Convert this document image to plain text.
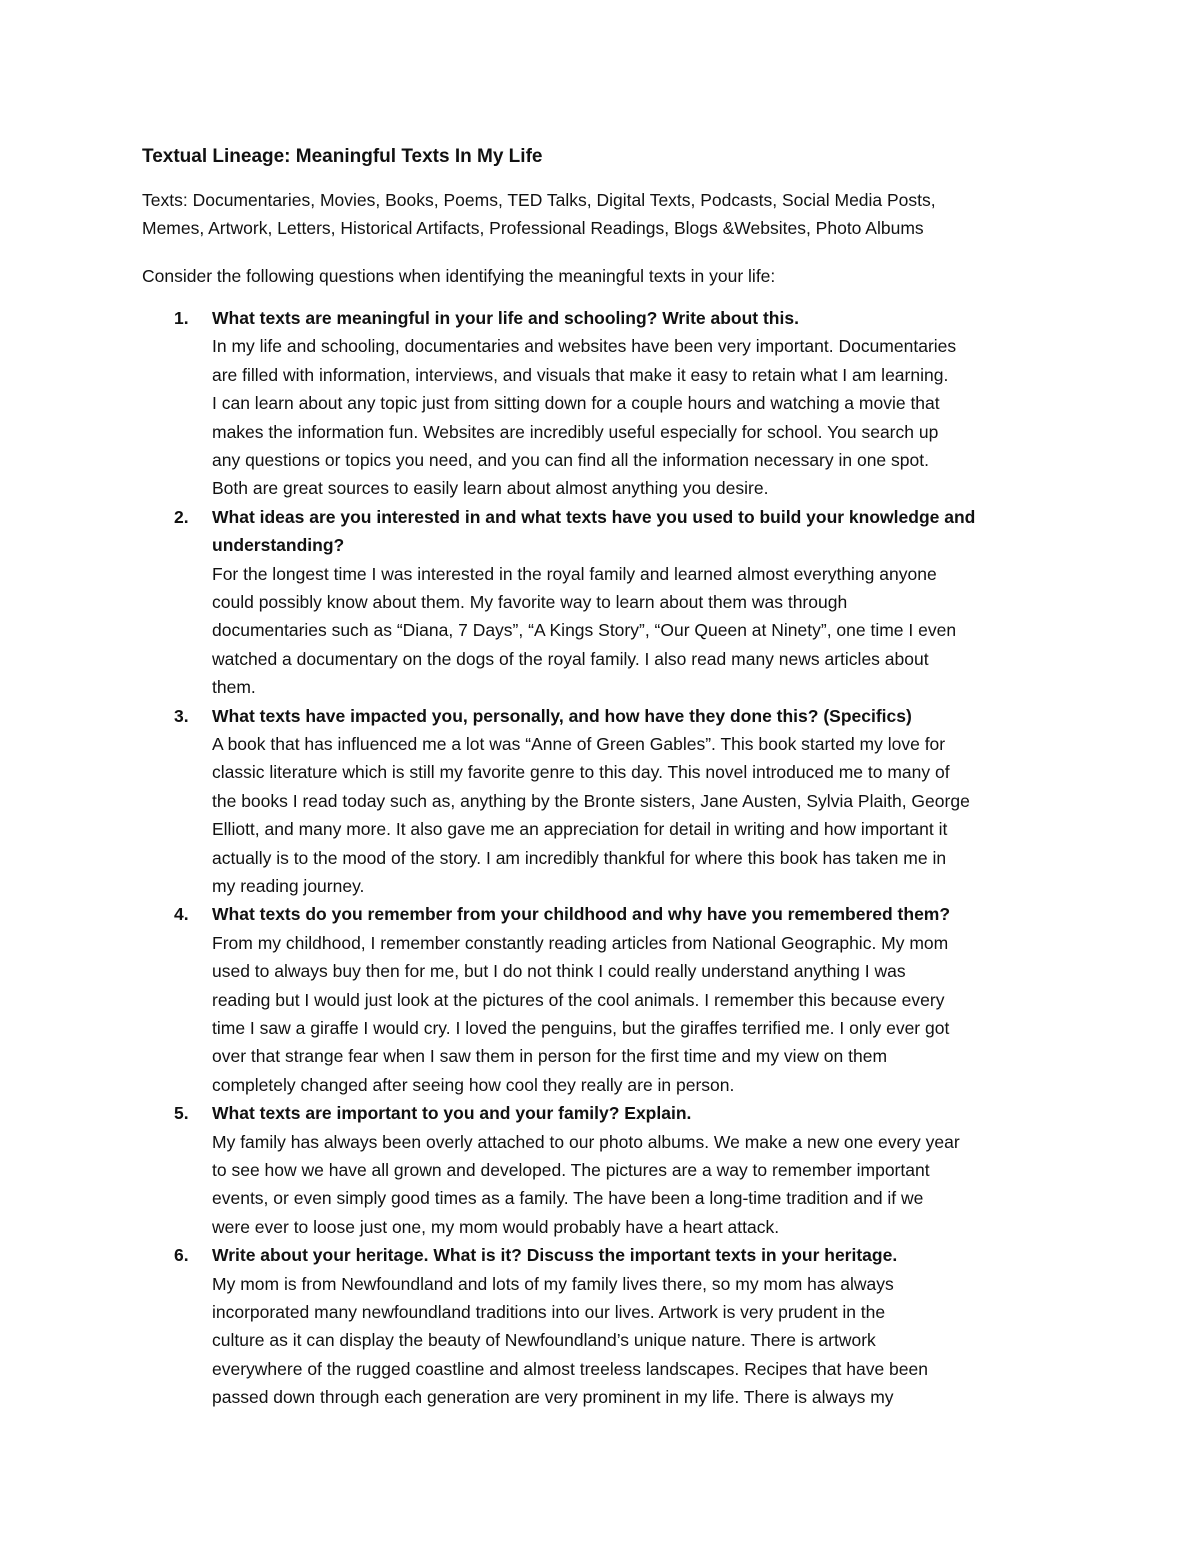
Textual Lineage: Meaningful Texts In My Life
Texts: Documentaries, Movies, Books, Poems, TED Talks, Digital Texts, Podcasts, Social Media Posts,
Memes, Artwork, Letters, Historical Artifacts, Professional Readings, Blogs &Websites, Photo Albums
Consider the following questions when identifying the meaningful texts in your life:
1. What texts are meaningful in your life and schooling? Write about this.
In my life and schooling, documentaries and websites have been very important. Documentaries
are filled with information, interviews, and visuals that make it easy to retain what I am learning.
I can learn about any topic just from sitting down for a couple hours and watching a movie that
makes the information fun. Websites are incredibly useful especially for school. You search up
any questions or topics you need, and you can find all the information necessary in one spot.
Both are great sources to easily learn about almost anything you desire.
2. What ideas are you interested in and what texts have you used to build your knowledge and
understanding?
For the longest time I was interested in the royal family and learned almost everything anyone
could possibly know about them. My favorite way to learn about them was through
documentaries such as “Diana, 7 Days”, “A Kings Story”, “Our Queen at Ninety”, one time I even
watched a documentary on the dogs of the royal family. I also read many news articles about
them.
3. What texts have impacted you, personally, and how have they done this? (Specifics)
A book that has influenced me a lot was “Anne of Green Gables”. This book started my love for
classic literature which is still my favorite genre to this day. This novel introduced me to many of
the books I read today such as, anything by the Bronte sisters, Jane Austen, Sylvia Plaith, George
Elliott, and many more. It also gave me an appreciation for detail in writing and how important it
actually is to the mood of the story. I am incredibly thankful for where this book has taken me in
my reading journey.
4. What texts do you remember from your childhood and why have you remembered them?
From my childhood, I remember constantly reading articles from National Geographic. My mom
used to always buy then for me, but I do not think I could really understand anything I was
reading but I would just look at the pictures of the cool animals. I remember this because every
time I saw a giraffe I would cry. I loved the penguins, but the giraffes terrified me. I only ever got
over that strange fear when I saw them in person for the first time and my view on them
completely changed after seeing how cool they really are in person.
5. What texts are important to you and your family? Explain.
My family has always been overly attached to our photo albums. We make a new one every year
to see how we have all grown and developed. The pictures are a way to remember important
events, or even simply good times as a family. The have been a long-time tradition and if we
were ever to loose just one, my mom would probably have a heart attack.
6. Write about your heritage. What is it? Discuss the important texts in your heritage.
My mom is from Newfoundland and lots of my family lives there, so my mom has always
incorporated many newfoundland traditions into our lives. Artwork is very prudent in the
culture as it can display the beauty of Newfoundland’s unique nature. There is artwork
everywhere of the rugged coastline and almost treeless landscapes. Recipes that have been
passed down through each generation are very prominent in my life. There is always my
